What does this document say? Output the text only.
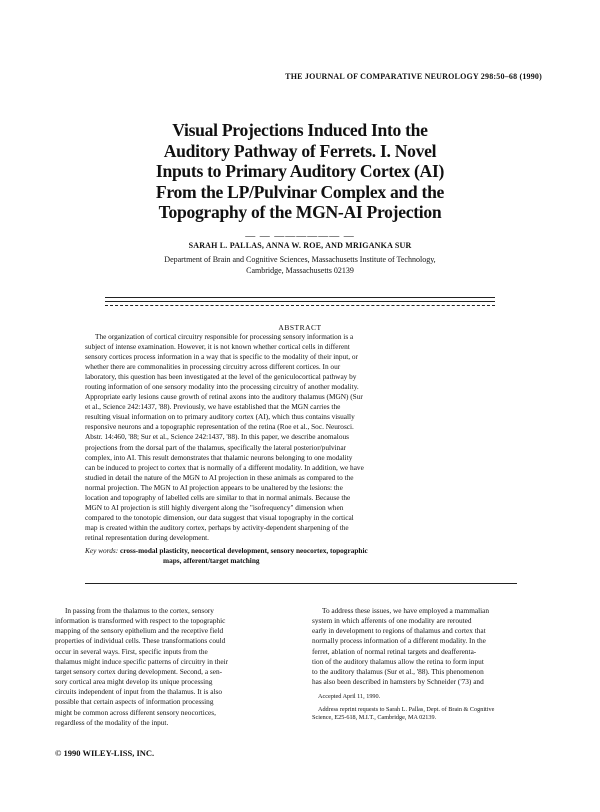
THE JOURNAL OF COMPARATIVE NEUROLOGY 298:50–68 (1990)
Visual Projections Induced Into the
Auditory Pathway of Ferrets. I. Novel
Inputs to Primary Auditory Cortex (AI)
From the LP/Pulvinar Complex and the
Topography of the MGN-AI Projection
— — —————— —
SARAH L. PALLAS, ANNA W. ROE, AND MRIGANKA SUR
Department of Brain and Cognitive Sciences, Massachusetts Institute of Technology,
Cambridge, Massachusetts 02139
ABSTRACT
The organization of cortical circuitry responsible for processing sensory information is a
subject of intense examination. However, it is not known whether cortical cells in different
sensory cortices process information in a way that is specific to the modality of their input, or
whether there are commonalities in processing circuitry across different cortices. In our
laboratory, this question has been investigated at the level of the geniculocortical pathway by
routing information of one sensory modality into the processing circuitry of another modality.
Appropriate early lesions cause growth of retinal axons into the auditory thalamus (MGN) (Sur
et al., Science 242:1437, '88). Previously, we have established that the MGN carries the
resulting visual information on to primary auditory cortex (AI), which thus contains visually
responsive neurons and a topographic representation of the retina (Roe et al., Soc. Neurosci.
Abstr. 14:460, '88; Sur et al., Science 242:1437, '88). In this paper, we describe anomalous
projections from the dorsal part of the thalamus, specifically the lateral posterior/pulvinar
complex, into AI. This result demonstrates that thalamic neurons belonging to one modality
can be induced to project to cortex that is normally of a different modality. In addition, we have
studied in detail the nature of the MGN to AI projection in these animals as compared to the
normal projection. The MGN to AI projection appears to be unaltered by the lesions: the
location and topography of labelled cells are similar to that in normal animals. Because the
MGN to AI projection is still highly divergent along the "isofrequency" dimension when
compared to the tonotopic dimension, our data suggest that visual topography in the cortical
map is created within the auditory cortex, perhaps by activity-dependent sharpening of the
retinal representation during development.
Key words: cross-modal plasticity, neocortical development, sensory neocortex, topographic
maps, afferent/target matching
In passing from the thalamus to the cortex, sensory
information is transformed with respect to the topographic
mapping of the sensory epithelium and the receptive field
properties of individual cells. These transformations could
occur in several ways. First, specific inputs from the
thalamus might induce specific patterns of circuitry in their
target sensory cortex during development. Second, a sen-
sory cortical area might develop its unique processing
circuits independent of input from the thalamus. It is also
possible that certain aspects of information processing
might be common across different sensory neocortices,
regardless of the modality of the input.
To address these issues, we have employed a mammalian
system in which afferents of one modality are rerouted
early in development to regions of thalamus and cortex that
normally process information of a different modality. In the
ferret, ablation of normal retinal targets and deafferenta-
tion of the auditory thalamus allow the retina to form input
to the auditory thalamus (Sur et al., '88). This phenomenon
has also been described in hamsters by Schneider ('73) and
Accepted April 11, 1990.
Address reprint requests to Sarah L. Pallas, Dept. of Brain & Cognitive
Science, E25-618, M.I.T., Cambridge, MA 02139.
© 1990 WILEY-LISS, INC.
